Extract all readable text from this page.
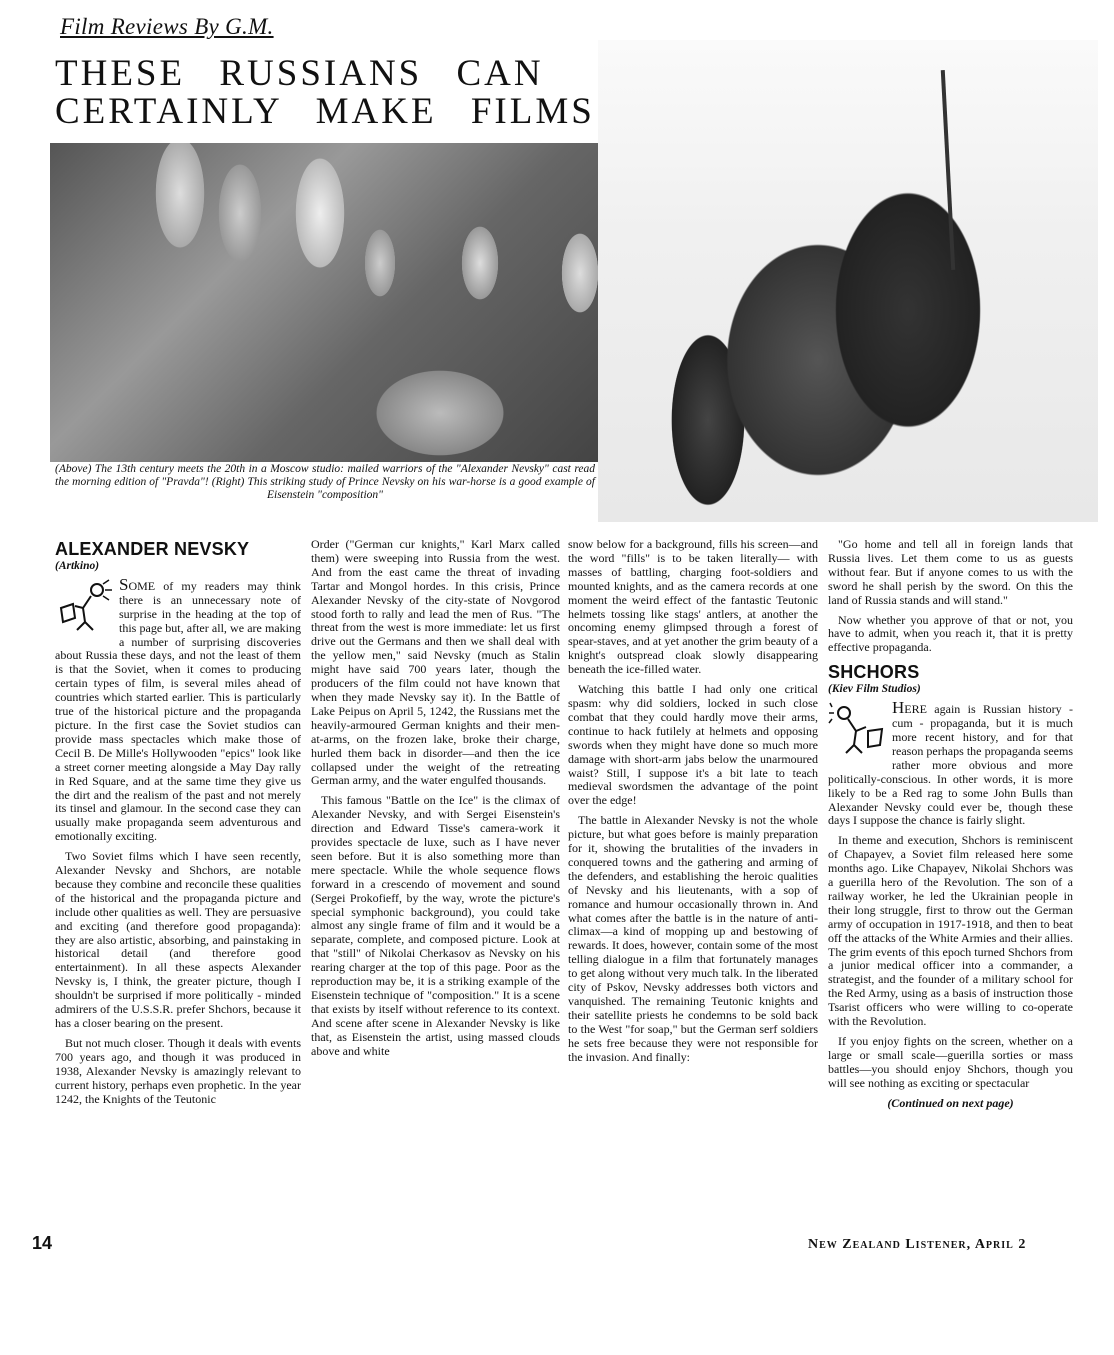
Film Reviews By G.M.
THESE RUSSIANS CAN CERTAINLY MAKE FILMS
(Above) The 13th century meets the 20th in a Moscow studio: mailed warriors of the "Alexander Nevsky" cast read the morning edition of "Pravda"! (Right) This striking study of Prince Nevsky on his war-horse is a good example of Eisenstein "composition"
ALEXANDER NEVSKY
(Artkino)

SOME of my readers may think there is an unnecessary note of surprise in the heading at the top of this page but, after all, we are making a number of surprising discoveries about Russia these days, and not the least of them is that the Soviet, when it comes to producing certain types of film, is several miles ahead of countries which started earlier. This is particularly true of the historical picture and the propaganda picture. In the first case the Soviet studios can provide mass spectacles which make those of Cecil B. De Mille's Hollywooden "epics" look like a street corner meeting alongside a May Day rally in Red Square, and at the same time they give us the dirt and the realism of the past and not merely its tinsel and glamour. In the second case they can usually make propaganda seem adventurous and emotionally exciting.

Two Soviet films which I have seen recently, Alexander Nevsky and Shchors, are notable because they combine and reconcile these qualities of the historical and the propaganda picture and include other qualities as well. They are persuasive and exciting (and therefore good propaganda): they are also artistic, absorbing, and painstaking in historical detail (and therefore good entertainment). In all these aspects Alexander Nevsky is, I think, the greater picture, though I shouldn't be surprised if more politically - minded admirers of the U.S.S.R. prefer Shchors, because it has a closer bearing on the present.

But not much closer. Though it deals with events 700 years ago, and though it was produced in 1938, Alexander Nevsky is amazingly relevant to current history, perhaps even prophetic. In the year 1242, the Knights of the Teutonic

Order ("German cur knights," Karl Marx called them) were sweeping into Russia from the west. And from the east came the threat of invading Tartar and Mongol hordes. In this crisis, Prince Alexander Nevsky of the city-state of Novgorod stood forth to rally and lead the men of Rus. "The threat from the west is more immediate: let us first drive out the Germans and then we shall deal with the yellow men," said Nevsky (much as Stalin might have said 700 years later, though the producers of the film could not have known that when they made Nevsky say it). In the Battle of Lake Peipus on April 5, 1242, the Russians met the heavily-armoured German knights and their men-at-arms, on the frozen lake, broke their charge, hurled them back in disorder—and then the ice collapsed under the weight of the retreating German army, and the water engulfed thousands.

This famous "Battle on the Ice" is the climax of Alexander Nevsky, and with Sergei Eisenstein's direction and Edward Tisse's camera-work it provides spectacle de luxe, such as I have never seen before. But it is also something more than mere spectacle. While the whole sequence flows forward in a crescendo of movement and sound (Sergei Prokofieff, by the way, wrote the picture's special symphonic background), you could take almost any single frame of film and it would be a separate, complete, and composed picture. Look at that "still" of Nikolai Cherkasov as Nevsky on his rearing charger at the top of this page. Poor as the reproduction may be, it is a striking example of the Eisenstein technique of "composition." It is a scene that exists by itself without reference to its context. And scene after scene in Alexander Nevsky is like that, as Eisenstein the artist, using massed clouds above and white

snow below for a background, fills his screen—and the word "fills" is to be taken literally— with masses of battling, charging foot-soldiers and mounted knights, and as the camera records at one moment the weird effect of the fantastic Teutonic helmets tossing like stags' antlers, at another the oncoming enemy glimpsed through a forest of spear-staves, and at yet another the grim beauty of a knight's outspread cloak slowly disappearing beneath the ice-filled water.

Watching this battle I had only one critical spasm: why did soldiers, locked in such close combat that they could hardly move their arms, continue to hack futilely at helmets and opposing swords when they might have done so much more damage with short-arm jabs below the unarmoured waist? Still, I suppose it's a bit late to teach medieval swordsmen the advantage of the point over the edge!

The battle in Alexander Nevsky is not the whole picture, but what goes before is mainly preparation for it, showing the brutalities of the invaders in conquered towns and the gathering and arming of the defenders, and establishing the heroic qualities of Nevsky and his lieutenants, with a sop of romance and humour occasionally thrown in. And what comes after the battle is in the nature of anti-climax—a kind of mopping up and bestowing of rewards. It does, however, contain some of the most telling dialogue in a film that fortunately manages to get along without very much talk. In the liberated city of Pskov, Nevsky addresses both victors and vanquished. The remaining Teutonic knights and their satellite priests he condemns to be sold back to the West "for soap," but the German serf soldiers he sets free because they were not responsible for the invasion. And finally:

"Go home and tell all in foreign lands that Russia lives. Let them come to us as guests without fear. But if anyone comes to us with the sword he shall perish by the sword. On this the land of Russia stands and will stand."

Now whether you approve of that or not, you have to admit, when you reach it, that it is pretty effective propaganda.

SHCHORS
(Kiev Film Studios)

HERE again is Russian history - cum - propaganda, but it is much more recent history, and for that reason perhaps the propaganda seems rather more obvious and more politically-conscious. In other words, it is more likely to be a Red rag to some John Bulls than Alexander Nevsky could ever be, though these days I suppose the chance is fairly slight.

In theme and execution, Shchors is reminiscent of Chapayev, a Soviet film released here some months ago. Like Chapayev, Nikolai Shchors was a guerilla hero of the Revolution. The son of a railway worker, he led the Ukrainian people in their long struggle, first to throw out the German army of occupation in 1917-1918, and then to beat off the attacks of the White Armies and their allies. The grim events of this epoch turned Shchors from a junior medical officer into a commander, a strategist, and the founder of a military school for the Red Army, using as a basis of instruction those Tsarist officers who were willing to co-operate with the Revolution.

If you enjoy fights on the screen, whether on a large or small scale—guerilla sorties or mass battles—you should enjoy Shchors, though you will see nothing as exciting or spectacular

(Continued on next page)

14	New Zealand Listener, April 2
